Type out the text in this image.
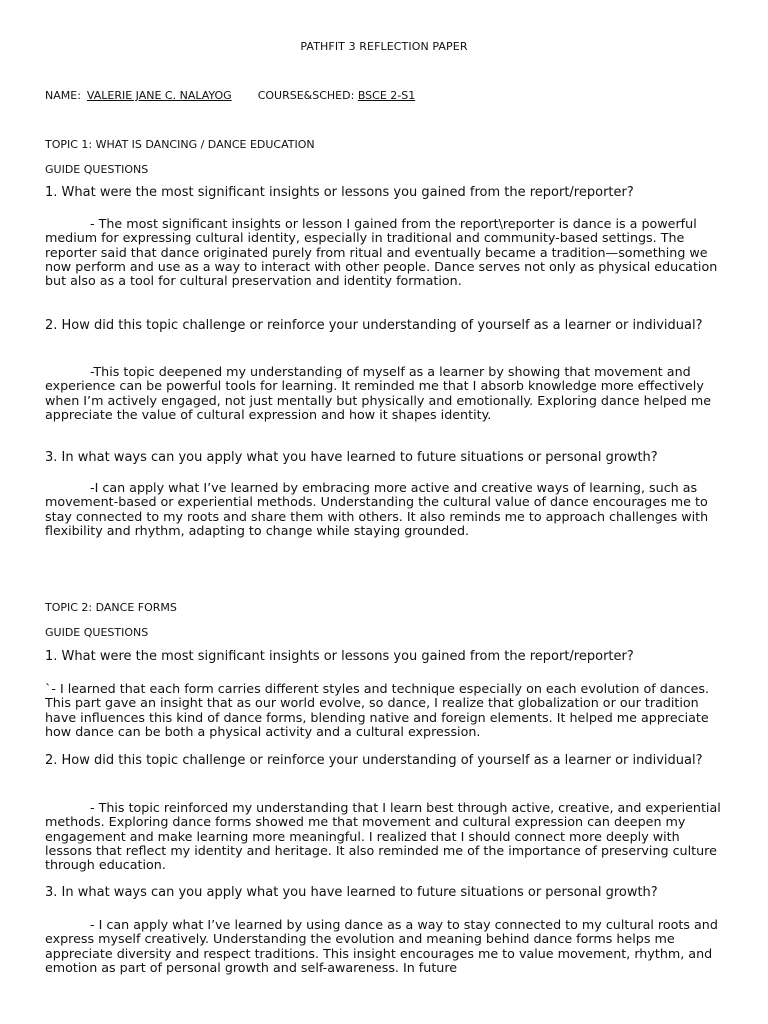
PATHFIT 3 REFLECTION PAPER
NAME: VALERIE JANE C. NALAYOG COURSE&SCHED: BSCE 2-S1
TOPIC 1: WHAT IS DANCING / DANCE EDUCATION
GUIDE QUESTIONS
1. What were the most significant insights or lessons you gained from the report/reporter?
- The most significant insights or lesson I gained from the report\reporter is dance is a powerful medium for expressing cultural identity, especially in traditional and community-based settings. The reporter said that dance originated purely from ritual and eventually became a tradition—something we now perform and use as a way to interact with other people. Dance serves not only as physical education but also as a tool for cultural preservation and identity formation.
2. How did this topic challenge or reinforce your understanding of yourself as a learner or individual?
-This topic deepened my understanding of myself as a learner by showing that movement and experience can be powerful tools for learning. It reminded me that I absorb knowledge more effectively when I’m actively engaged, not just mentally but physically and emotionally. Exploring dance helped me appreciate the value of cultural expression and how it shapes identity.
3. In what ways can you apply what you have learned to future situations or personal growth?
-I can apply what I’ve learned by embracing more active and creative ways of learning, such as movement-based or experiential methods. Understanding the cultural value of dance encourages me to stay connected to my roots and share them with others. It also reminds me to approach challenges with flexibility and rhythm, adapting to change while staying grounded.
TOPIC 2: DANCE FORMS
GUIDE QUESTIONS
1. What were the most significant insights or lessons you gained from the report/reporter?
`- I learned that each form carries different styles and technique especially on each evolution of dances. This part gave an insight that as our world evolve, so dance, I realize that globalization or our tradition have influences this kind of dance forms, blending native and foreign elements. It helped me appreciate how dance can be both a physical activity and a cultural expression.
2. How did this topic challenge or reinforce your understanding of yourself as a learner or individual?
- This topic reinforced my understanding that I learn best through active, creative, and experiential methods. Exploring dance forms showed me that movement and cultural expression can deepen my engagement and make learning more meaningful. I realized that I should connect more deeply with lessons that reflect my identity and heritage. It also reminded me of the importance of preserving culture through education.
3. In what ways can you apply what you have learned to future situations or personal growth?
- I can apply what I’ve learned by using dance as a way to stay connected to my cultural roots and express myself creatively. Understanding the evolution and meaning behind dance forms helps me appreciate diversity and respect traditions. This insight encourages me to value movement, rhythm, and emotion as part of personal growth and self-awareness. In future
